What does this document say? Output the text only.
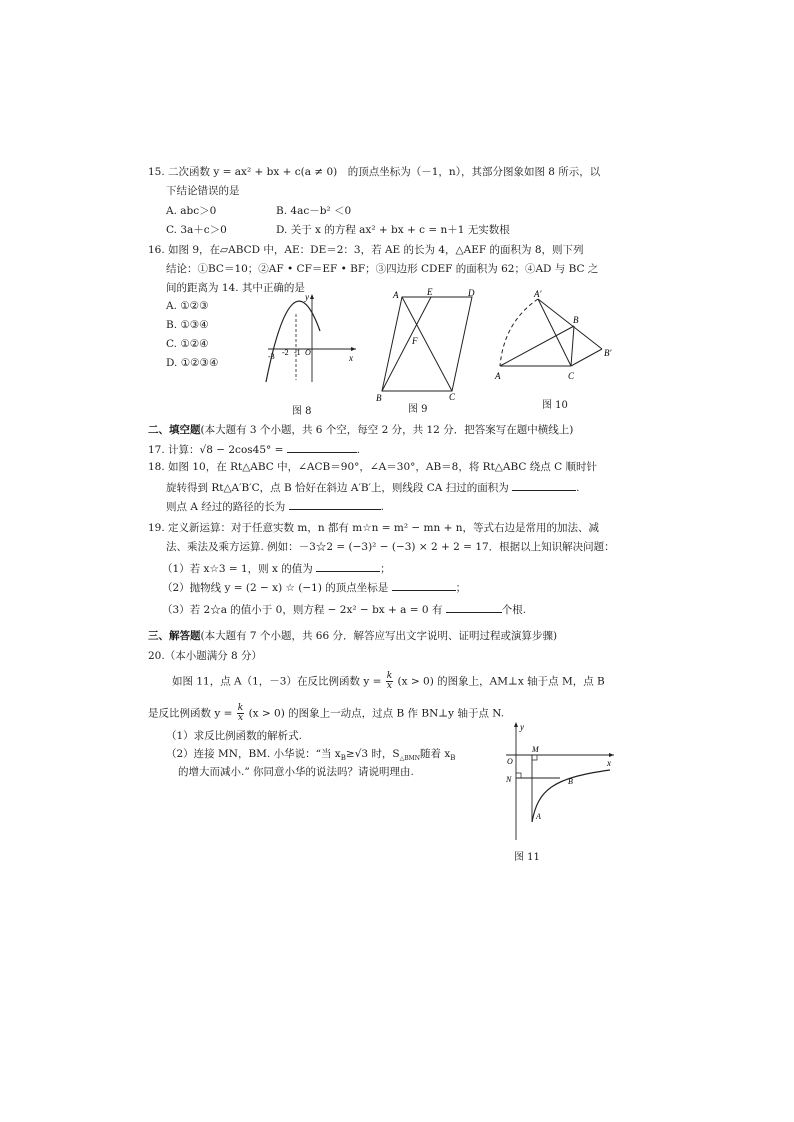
15. 二次函数 y = ax² + bx + c(a ≠ 0)　的顶点坐标为（－1，n），其部分图象如图 8 所示，以
下结论错误的是
A. abc＞0	B. 4ac－b² ＜0
C. 3a＋c＞0	D. 关于 x 的方程 ax² + bx + c = n＋1 无实数根
16. 如图 9，在▱ABCD 中，AE：DE＝2：3，若 AE 的长为 4，△AEF 的面积为 8，则下列
结论：①BC＝10；②AF • CF＝EF • BF；③四边形 CDEF 的面积为 62；④AD 与 BC 之
间的距离为 14. 其中正确的是
A. ①②③
B. ①③④
C. ①②④
D. ①②③④
y
x
-3 -2 -1 O
图 8
A	E	D
F
B	C
图 9
A′
B
B′
A	C
图 10
二、填空题(本大题有 3 个小题，共 6 个空，每空 2 分，共 12 分．把答案写在题中横线上)
17. 计算：√8 − 2cos45° =	.
18. 如图 10，在 Rt△ABC 中，∠ACB＝90°，∠A＝30°，AB＝8，将 Rt△ABC 绕点 C 顺时针
旋转得到 Rt△A′B′C，点 B 恰好在斜边 A′B′上，则线段 CA 扫过的面积为	.
则点 A 经过的路径的长为	.
19. 定义新运算：对于任意实数 m，n 都有 m☆n = m² − mn + n，等式右边是常用的加法、减
法、乘法及乘方运算. 例如：－3☆2 = (−3)² − (−3) × 2 + 2 = 17．根据以上知识解决问题：
（1）若 x☆3 = 1，则 x 的值为	；
（2）抛物线 y = (2 − x) ☆ (−1) 的顶点坐标是	；
（3）若 2☆a 的值小于 0，则方程 − 2x² − bx + a = 0 有	个根.
三、解答题(本大题有 7 个小题，共 66 分．解答应写出文字说明、证明过程或演算步骤)
20.（本小题满分 8 分）
如图 11，点 A（1，－3）在反比例函数 $y = \frac{k}{x} (x > 0)$ 的图象上，AM⊥x 轴于点 M，点 B
是反比例函数 $y = \frac{k}{x} (x > 0)$ 的图象上一动点，过点 B 作 BN⊥y 轴于点 N.
（1）求反比例函数的解析式.
（2）连接 MN，BM. 小华说：“当 $x_B\ge√3$ 时，$S_{\triangle BMN}$随着 $x_B$
的增大而减小.” 你同意小华的说法吗？请说明理由.
y
x
M
O
N	B
A
图 11
